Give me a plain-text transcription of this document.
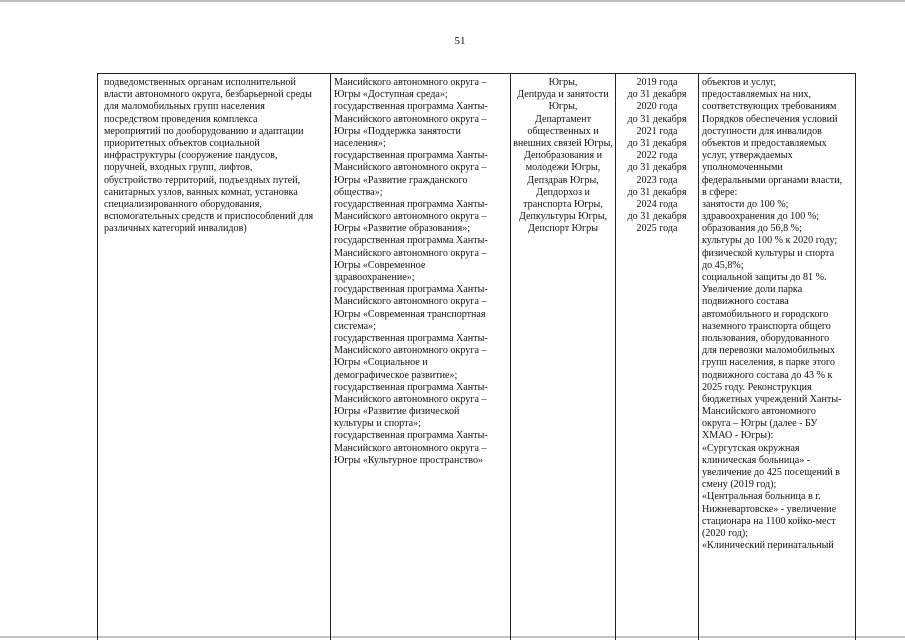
51
подведомственных органам исполнительной
власти автономного округа, безбарьерной среды
для маломобильных групп населения
посредством проведения комплекса
мероприятий по дооборудованию и адаптации
приоритетных объектов социальной
инфраструктуры (сооружение пандусов,
поручней, входных групп, лифтов,
обустройство территорий, подъездных путей,
санитарных узлов, ванных комнат, установка
специализированного оборудования,
вспомогательных средств и приспособлений для
различных категорий инвалидов)
Мансийского автономного округа –
Югры «Доступная среда»;
государственная программа Ханты-
Мансийского автономного округа –
Югры «Поддержка занятости
населения»;
государственная программа Ханты-
Мансийского автономного округа –
Югры «Развитие гражданского
общества»;
государственная программа Ханты-
Мансийского автономного округа –
Югры «Развитие образования»;
государственная программа Ханты-
Мансийского автономного округа –
Югры «Современное
здравоохранение»;
государственная программа Ханты-
Мансийского автономного округа –
Югры «Современная транспортная
система»;
государственная программа Ханты-
Мансийского автономного округа –
Югры «Социальное и
демографическое развитие»;
государственная программа Ханты-
Мансийского автономного округа –
Югры «Развитие физической
культуры и спорта»;
государственная программа Ханты-
Мансийского автономного округа –
Югры «Культурное пространство»
Югры,
Депtруда и занятости
Югры,
Департамент
общественных и
внешних связей Югры,
Депобразования и
молодежи Югры,
Депздрав Югры,
Депдорхоз и
транспорта Югры,
Депкультуры Югры,
Депспорт Югры
2019 года
до 31 декабря
2020 года
до 31 декабря
2021 года
до 31 декабря
2022 года
до 31 декабря
2023 года
до 31 декабря
2024 года
до 31 декабря
2025 года
объектов и услуг,
предоставляемых на них,
соответствующих требованиям
Порядков обеспечения условий
доступности для инвалидов
объектов и предоставляемых
услуг, утверждаемых
уполномоченными
федеральными органами власти,
в сфере:
занятости до 100 %;
здравоохранения до 100 %;
образования до 56,8 %;
культуры до 100 % к 2020 году;
физической культуры и спорта
до 45,8%;
социальной защиты до 81 %.
Увеличение доли парка
подвижного состава
автомобильного и городского
наземного транспорта общего
пользования, оборудованного
для перевозки маломобильных
групп населения, в парке этого
подвижного состава до 43 % к
2025 году. Реконструкция
бюджетных учреждений Ханты-
Мансийского автономного
округа – Югры (далее - БУ
ХМАО - Югры):
«Сургутская окружная
клиническая больница» -
увеличение до 425 посещений в
смену (2019 год);
«Центральная больница в г.
Нижневартовске» - увеличение
стационара на 1100 койко-мест
(2020 год);
«Клинический перинатальный
